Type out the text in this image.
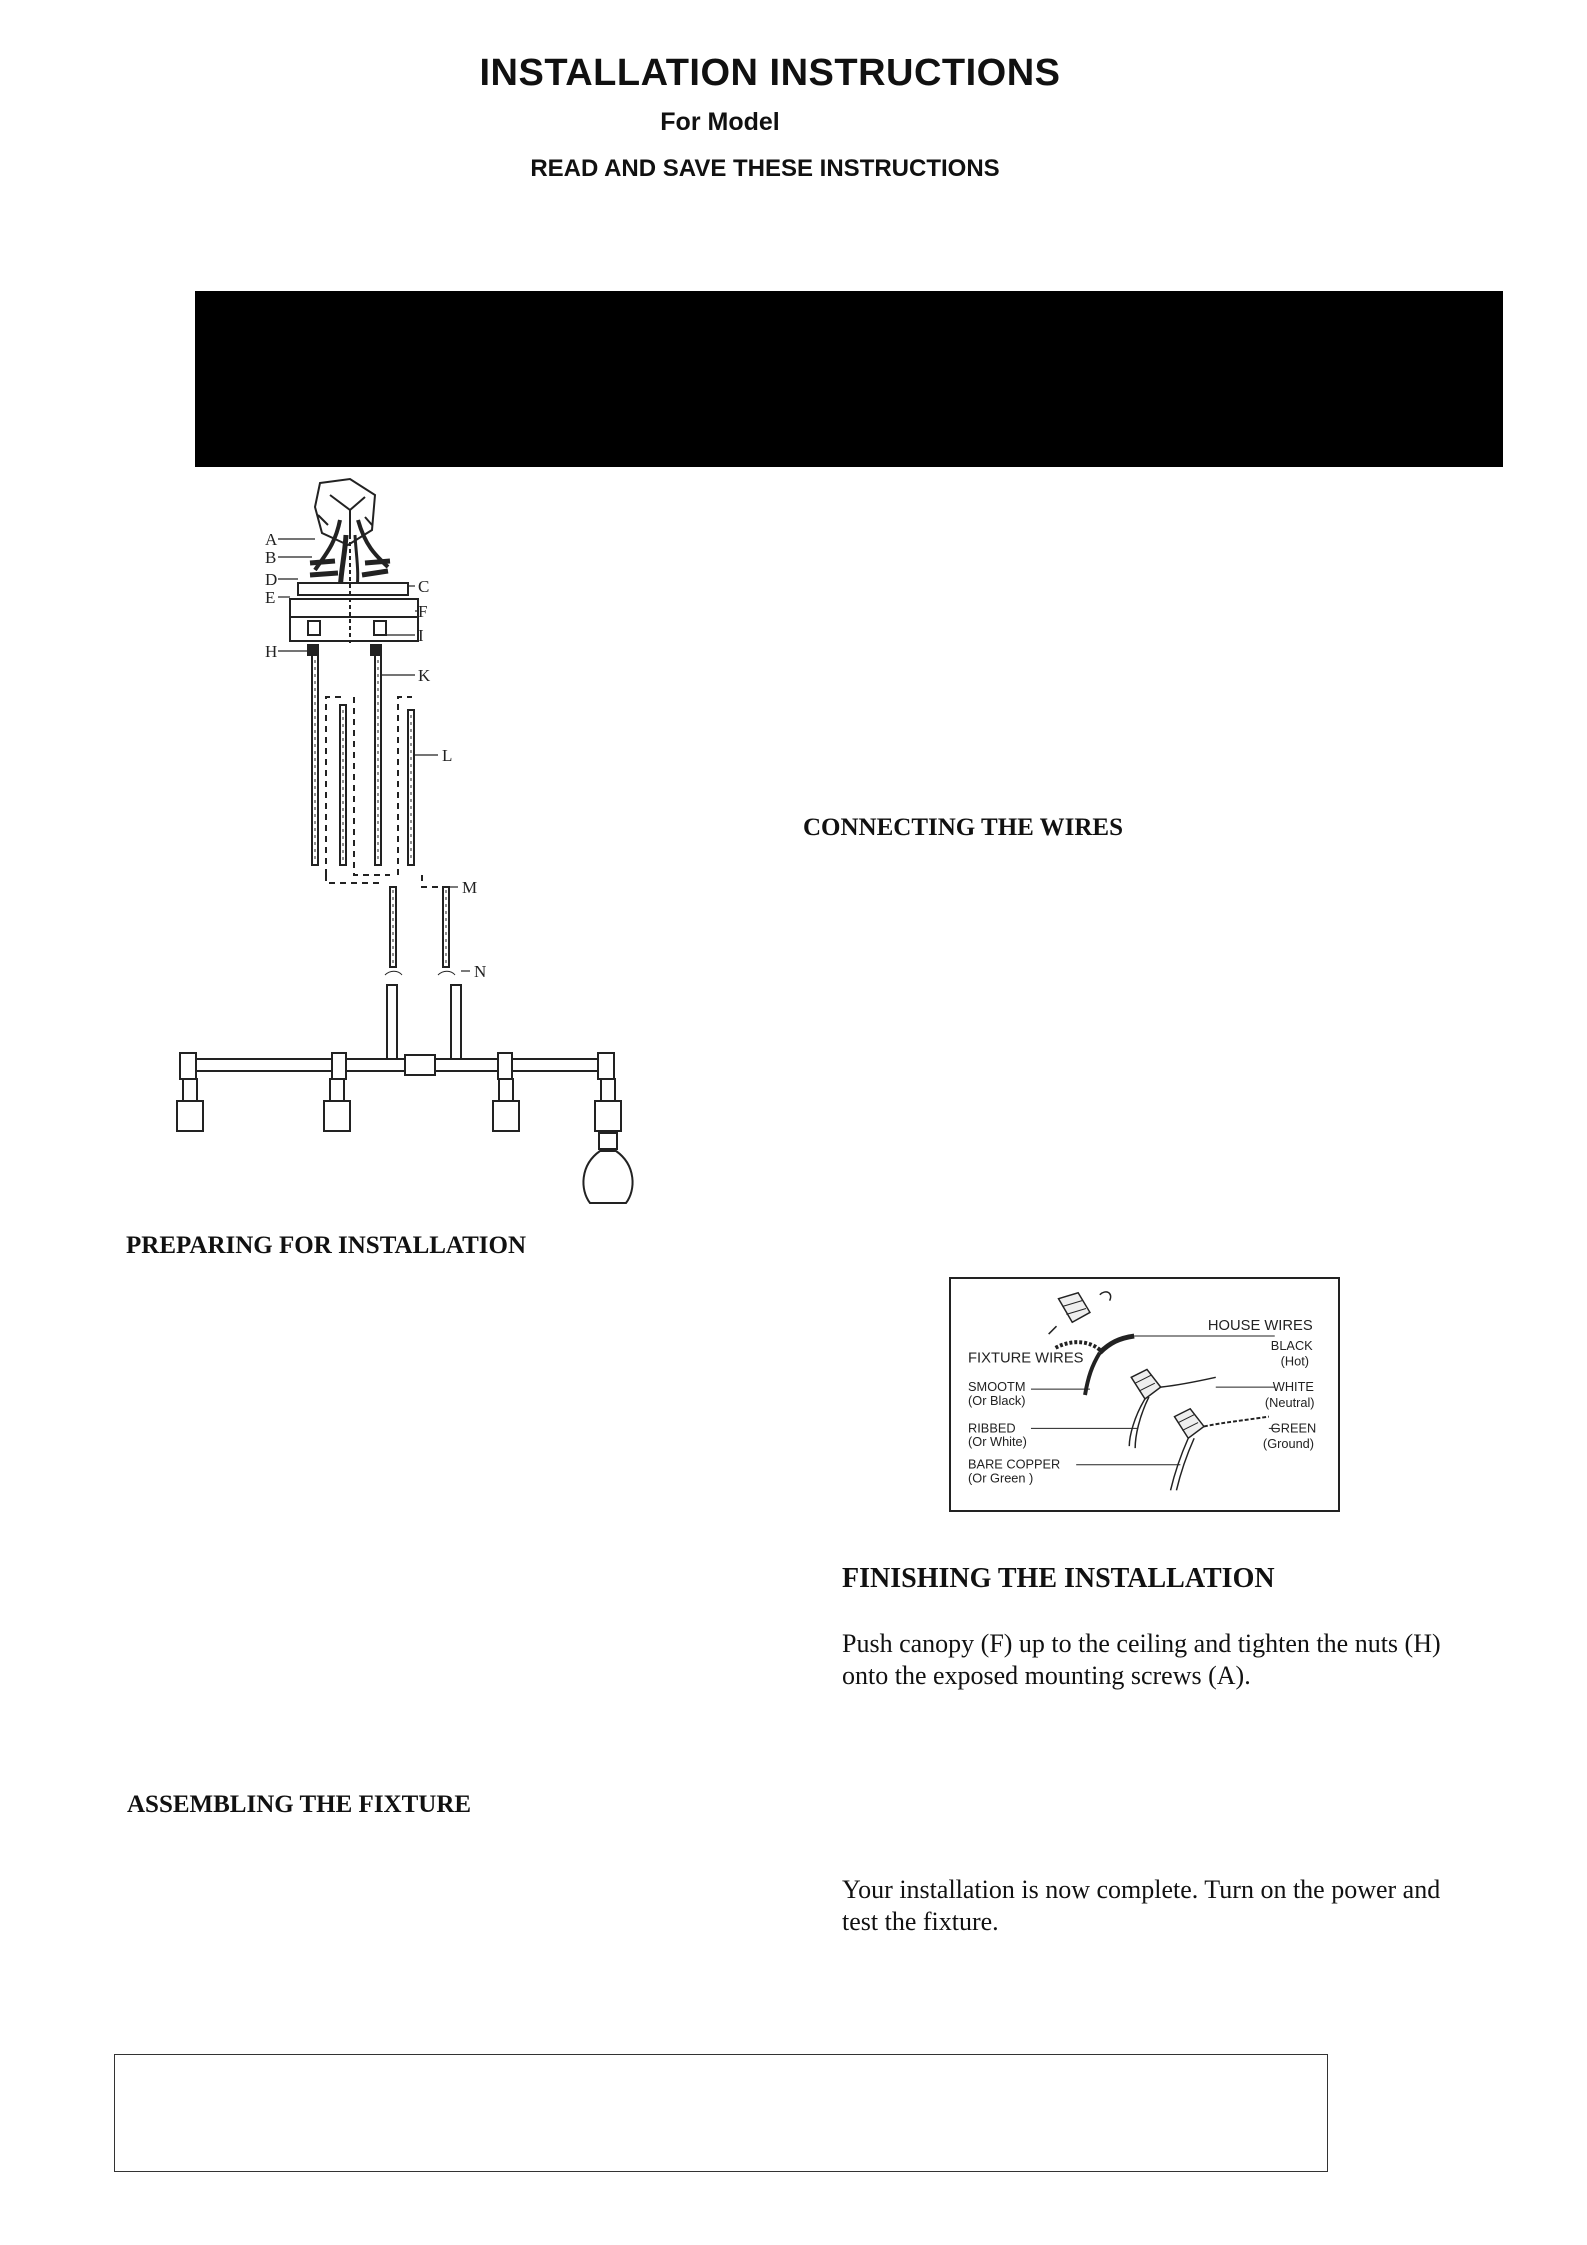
INSTALLATION INSTRUCTIONS
For Model
READ AND SAVE THESE INSTRUCTIONS
A
B
D
E
H
C
F
I
K
L
M
N
CONNECTING THE WIRES
PREPARING FOR INSTALLATION
ASSEMBLING THE FIXTURE
HOUSE WIRES
BLACK
(Hot)
FIXTURE WIRES
SMOOTM
(Or Black)
WHITE
(Neutral)
RIBBED
(Or White)
GREEN
(Ground)
BARE COPPER
(Or Green )
FINISHING THE INSTALLATION
Push canopy (F) up to the ceiling and tighten the nuts (H) onto the exposed mounting screws (A).
Your installation is now complete. Turn on the power and test the fixture.
